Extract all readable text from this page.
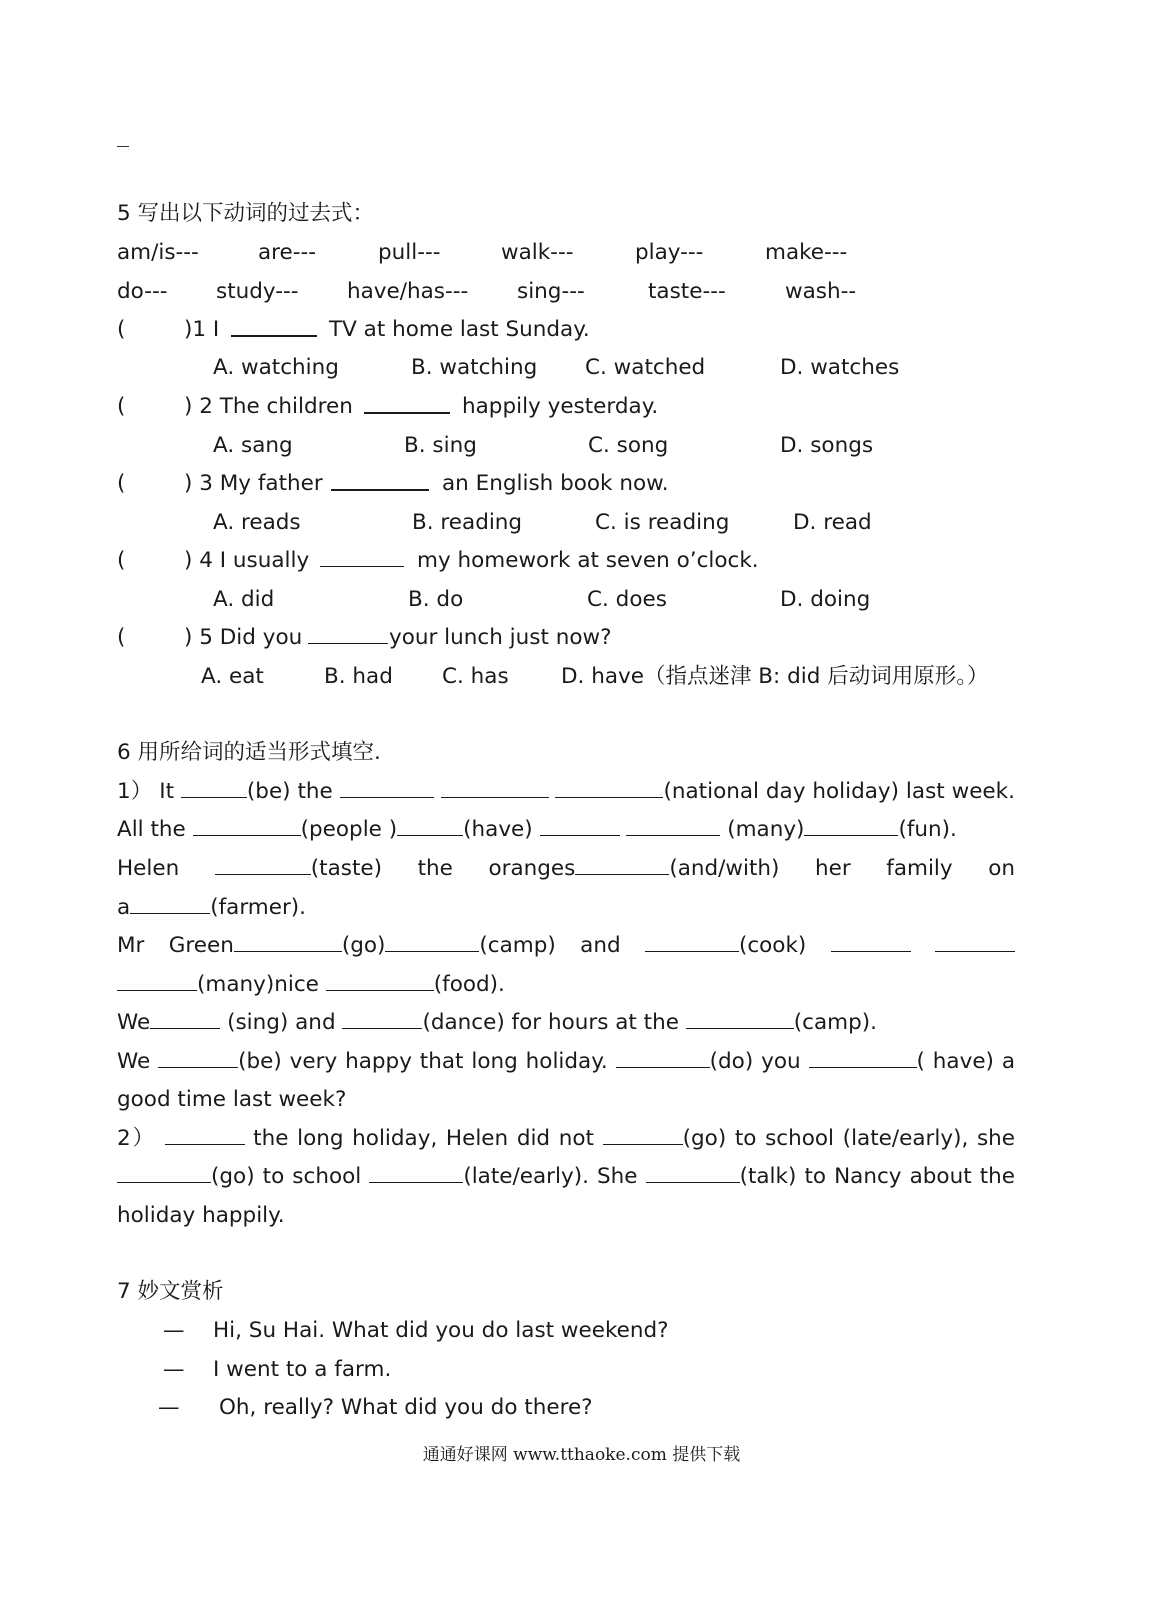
5 写出以下动词的过去式：
am/is---	are---	pull---	walk---	play---	make---
do--- study--- have/has--- sing---	taste---	wash--
(	)1 I	TV at home last Sunday.
A. watching	B. watching C. watched	D. watches
(	) 2 The children	happily yesterday.
A. sang	B. sing	C. song	D. songs
(	) 3 My father	an English book now.
A. reads	B. reading	C. is reading	D. read
(	) 4 I usually	my homework at seven o’clock.
A. did	B. do	C. does	D. doing
(	) 5 Did you	your lunch just now?
A. eat	B. had C. has D. have（指点迷津 B: did 后动词用原形。）
6 用所给词的适当形式填空.
1） It	(be) the	(national day holiday) last week.
All the	(people )	(have)	(many)	(fun).
Helen	(taste) the oranges	(and/with) her family on
a	(farmer).
Mr Green	(go)	(camp) and	(cook)
(many)nice	(food).
We	(sing) and	(dance) for hours at the	(camp).
We	(be) very happy that long holiday.	(do) you	( have) a
good time last week?
2）	the long holiday, Helen did not	(go) to school (late/early), she
(go) to school	(late/early). She	(talk) to Nancy about the
holiday happily.
7 妙文赏析
— Hi, Su Hai. What did you do last weekend?
— I went to a farm.
— Oh, really? What did you do there?
通通好课网 www.tthaoke.com 提供下载
